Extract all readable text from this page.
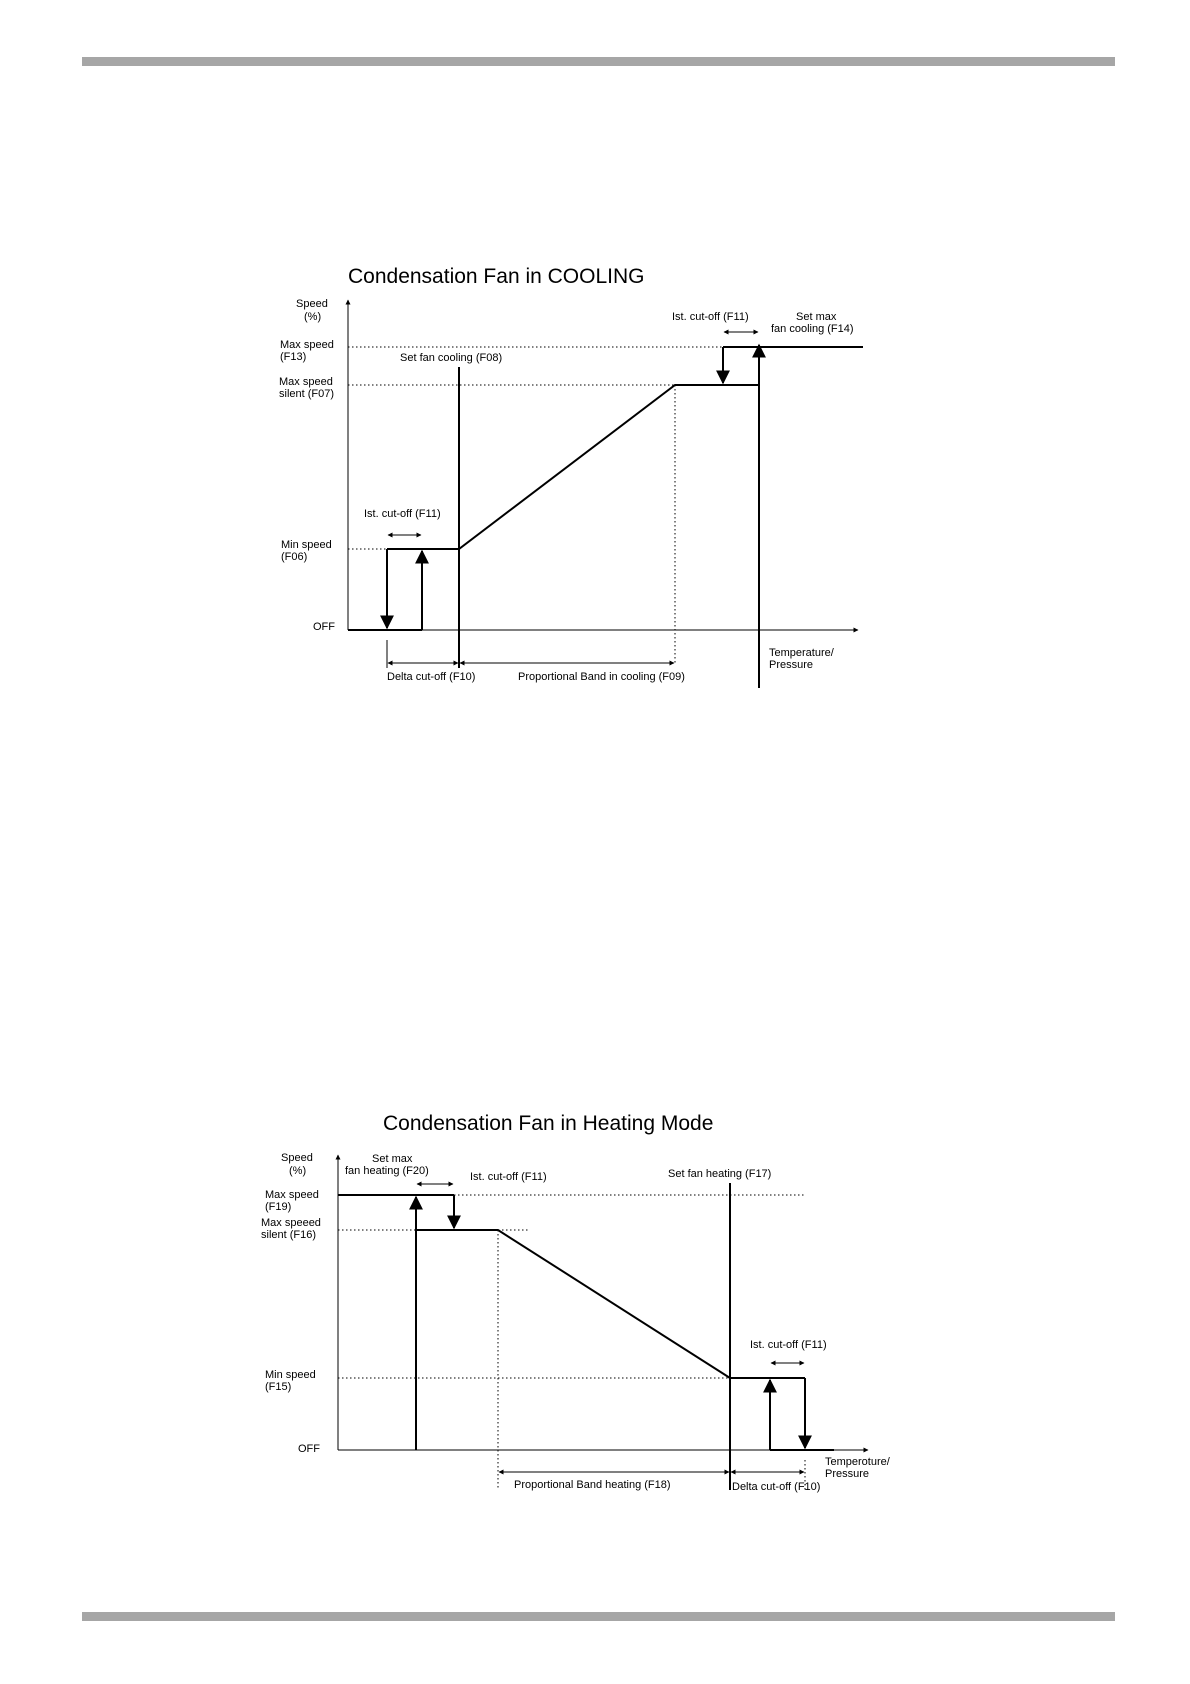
Condensation Fan in COOLING
Speed
(%)
Max speed
(F13)
Max speed
silent (F07)
Min speed
(F06)
OFF
Set fan cooling (F08)
Ist. cut-off (F11)
Ist. cut-off (F11)	Set max
fan cooling (F14)
Delta cut-off (F10)	Proportional Band in cooling (F09)
Temperature/
Pressure
Condensation Fan in Heating Mode
Speed
(%)
Max speed
(F19)
Max speeed
silent (F16)
Min speed
(F15)
OFF
Set max
fan heating (F20)	Ist. cut-off (F11)	Set fan heating (F17)
Ist. cut-off (F11)
Proportional Band heating (F18)	Delta cut-off (F10)
Temperoture/
Pressure
